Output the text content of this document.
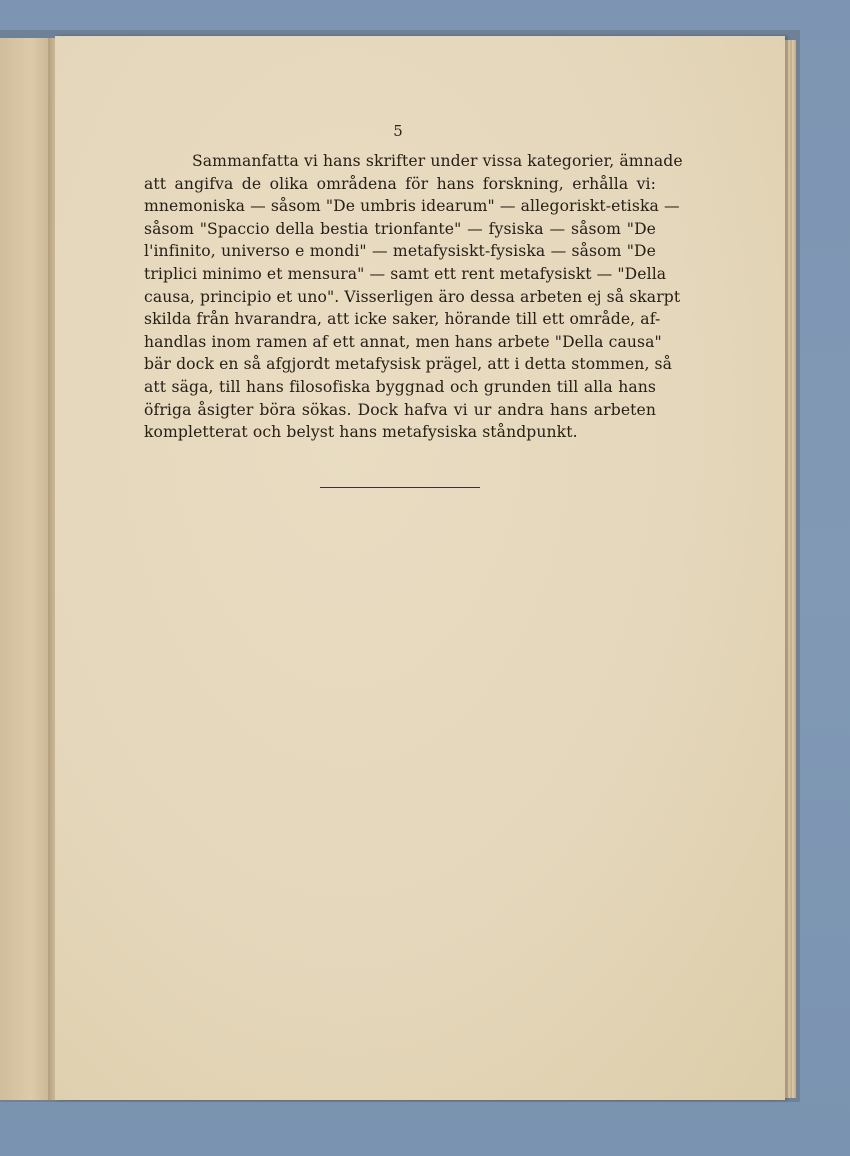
5
Sammanfatta vi hans skrifter under vissa kategorier, ämnade
att angifva de olika områdena för hans forskning, erhålla vi:
mnemoniska — såsom "De umbris idearum" — allegoriskt-etiska —
såsom "Spaccio della bestia trionfante" — fysiska — såsom "De
l'infinito, universo e mondi" — metafysiskt-fysiska — såsom "De
triplici minimo et mensura" — samt ett rent metafysiskt — "Della
causa, principio et uno". Visserligen äro dessa arbeten ej så skarpt
skilda från hvarandra, att icke saker, hörande till ett område, af-
handlas inom ramen af ett annat, men hans arbete "Della causa"
bär dock en så afgjordt metafysisk prägel, att i detta stommen, så
att säga, till hans filosofiska byggnad och grunden till alla hans
öfriga åsigter böra sökas. Dock hafva vi ur andra hans arbeten
kompletterat och belyst hans metafysiska ståndpunkt.
